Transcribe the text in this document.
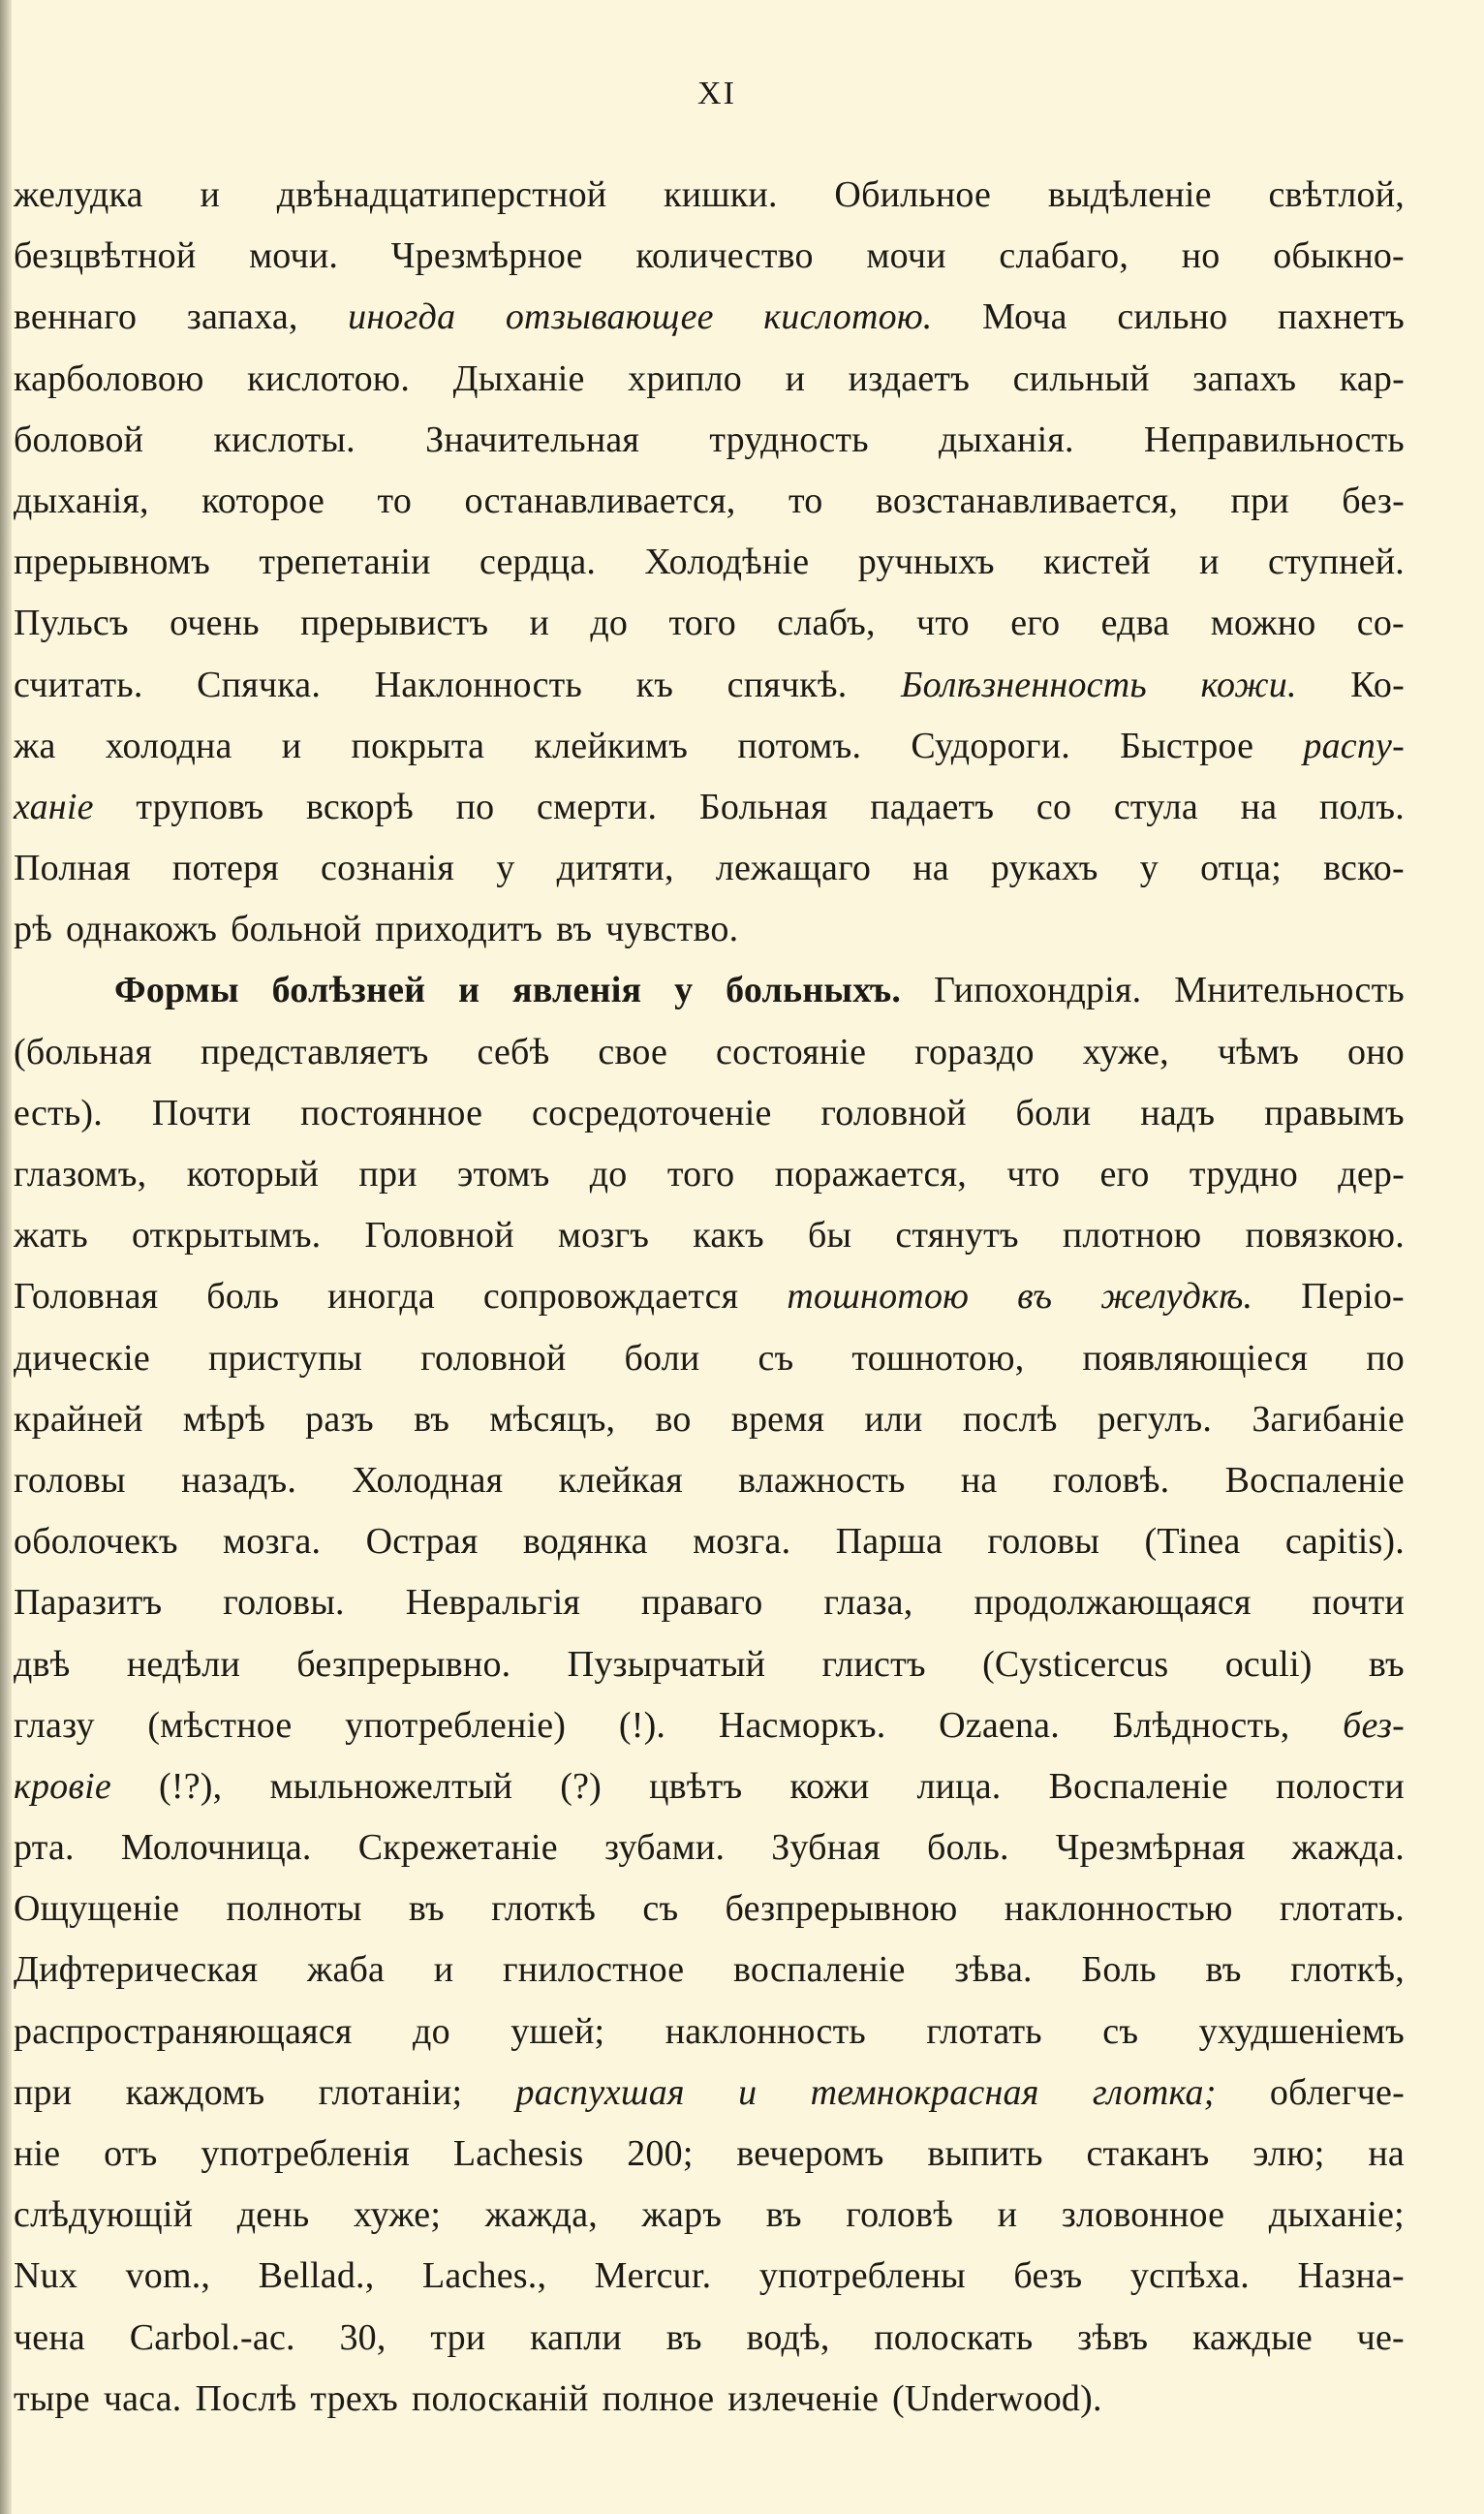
XI
желудка и двѣнадцатиперстной кишки. Обильное выдѣленіе свѣтлой,
безцвѣтной мочи. Чрезмѣрное количество мочи слабаго, но обыкно-
веннаго запаха, иногда отзывающее кислотою. Моча сильно пахнетъ
карболовою кислотою. Дыханіе хрипло и издаетъ сильный запахъ кар-
боловой кислоты. Значительная трудность дыханія. Неправильность
дыханія, которое то останавливается, то возстанавливается, при без-
прерывномъ трепетаніи сердца. Холодѣніе ручныхъ кистей и ступней.
Пульсъ очень прерывистъ и до того слабъ, что его едва можно со-
считать. Спячка. Наклонность къ спячкѣ. Болѣзненность кожи. Ко-
жа холодна и покрыта клейкимъ потомъ. Судороги. Быстрое распу-
ханіе труповъ вскорѣ по смерти. Больная падаетъ со стула на полъ.
Полная потеря сознанія у дитяти, лежащаго на рукахъ у отца; вско-
рѣ однакожъ больной приходитъ въ чувство.
Формы болѣзней и явленія у больныхъ. Гипохондрія. Мнительность
(больная представляетъ себѣ свое состояніе гораздо хуже, чѣмъ оно
есть). Почти постоянное сосредоточеніе головной боли надъ правымъ
глазомъ, который при этомъ до того поражается, что его трудно дер-
жать открытымъ. Головной мозгъ какъ бы стянутъ плотною повязкою.
Головная боль иногда сопровождается тошнотою въ желудкѣ. Періо-
дическіе приступы головной боли съ тошнотою, появляющіеся по
крайней мѣрѣ разъ въ мѣсяцъ, во время или послѣ регулъ. Загибаніе
головы назадъ. Холодная клейкая влажность на головѣ. Воспаленіе
оболочекъ мозга. Острая водянка мозга. Парша головы (Tinea capitis).
Паразитъ головы. Невральгія праваго глаза, продолжающаяся почти
двѣ недѣли безпрерывно. Пузырчатый глистъ (Cysticercus oculi) въ
глазу (мѣстное употребленіе) (!). Насморкъ. Ozaena. Блѣдность, без-
кровіе (!?), мыльножелтый (?) цвѣтъ кожи лица. Воспаленіе полости
рта. Молочница. Скрежетаніе зубами. Зубная боль. Чрезмѣрная жажда.
Ощущеніе полноты въ глоткѣ съ безпрерывною наклонностью глотать.
Дифтерическая жаба и гнилостное воспаленіе зѣва. Боль въ глоткѣ,
распространяющаяся до ушей; наклонность глотать съ ухудшеніемъ
при каждомъ глотаніи; распухшая и темнокрасная глотка; облегче-
ніе отъ употребленія Lachesis 200; вечеромъ выпить стаканъ элю; на
слѣдующій день хуже; жажда, жаръ въ головѣ и зловонное дыханіе;
Nux vom., Bellad., Laches., Mercur. употреблены безъ успѣха. Назна-
чена Carbol.-ac. 30, три капли въ водѣ, полоскать зѣвъ каждые че-
тыре часа. Послѣ трехъ полосканій полное излеченіе (Underwood).
